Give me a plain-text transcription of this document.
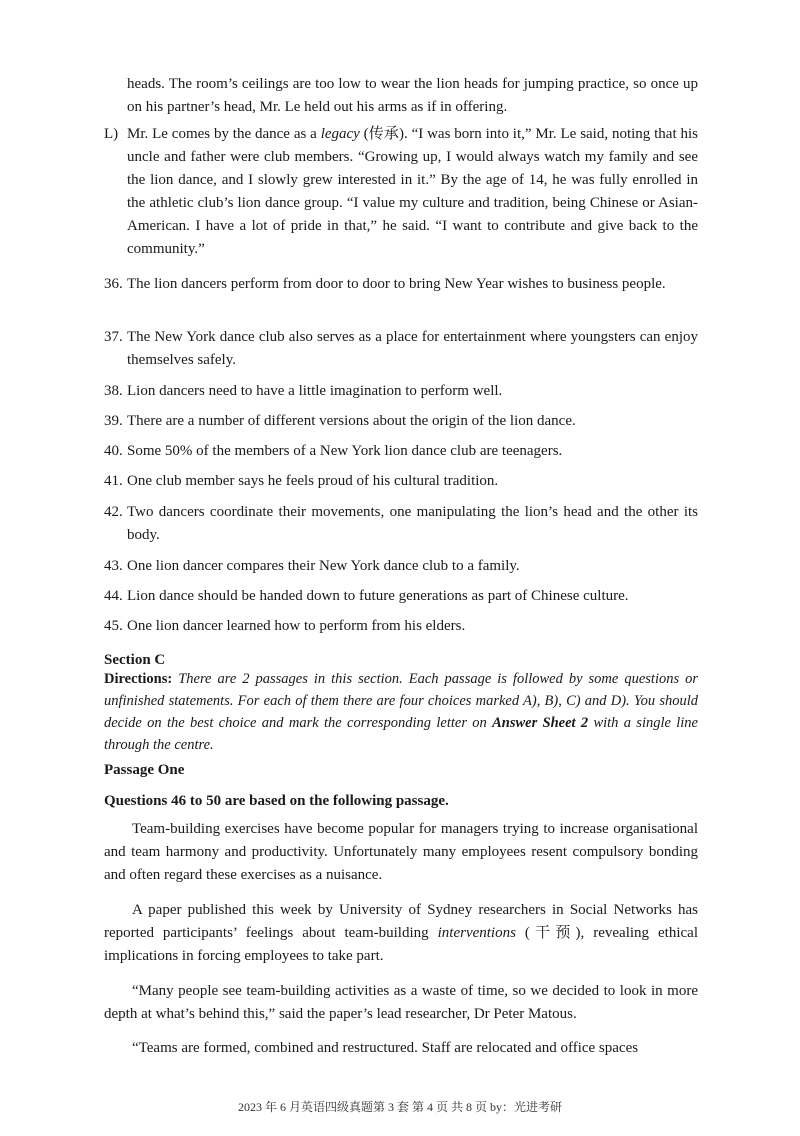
heads. The room’s ceilings are too low to wear the lion heads for jumping practice, so once up on his partner’s head, Mr. Le held out his arms as if in offering.
L) Mr. Le comes by the dance as a legacy (传承). “I was born into it,” Mr. Le said, noting that his uncle and father were club members. “Growing up, I would always watch my family and see the lion dance, and I slowly grew interested in it.” By the age of 14, he was fully enrolled in the athletic club’s lion dance group. “I value my culture and tradition, being Chinese or Asian-American. I have a lot of pride in that,” he said. “I want to contribute and give back to the community.”
36. The lion dancers perform from door to door to bring New Year wishes to business people.
37. The New York dance club also serves as a place for entertainment where youngsters can enjoy themselves safely.
38. Lion dancers need to have a little imagination to perform well.
39. There are a number of different versions about the origin of the lion dance.
40. Some 50% of the members of a New York lion dance club are teenagers.
41. One club member says he feels proud of his cultural tradition.
42. Two dancers coordinate their movements, one manipulating the lion’s head and the other its body.
43. One lion dancer compares their New York dance club to a family.
44. Lion dance should be handed down to future generations as part of Chinese culture.
45. One lion dancer learned how to perform from his elders.
Section C
Directions: There are 2 passages in this section. Each passage is followed by some questions or unfinished statements. For each of them there are four choices marked A), B), C) and D). You should decide on the best choice and mark the corresponding letter on Answer Sheet 2 with a single line through the centre.
Passage One
Questions 46 to 50 are based on the following passage.
Team-building exercises have become popular for managers trying to increase organisational and team harmony and productivity. Unfortunately many employees resent compulsory bonding and often regard these exercises as a nuisance.
A paper published this week by University of Sydney researchers in Social Networks has reported participants’ feelings about team-building interventions (干预), revealing ethical implications in forcing employees to take part.
“Many people see team-building activities as a waste of time, so we decided to look in more depth at what’s behind this,” said the paper’s lead researcher, Dr Peter Matous.
“Teams are formed, combined and restructured. Staff are relocated and office spaces
2023 年 6 月英语四级真题第 3 套 第 4 页 共 8 页 by：光进考研
